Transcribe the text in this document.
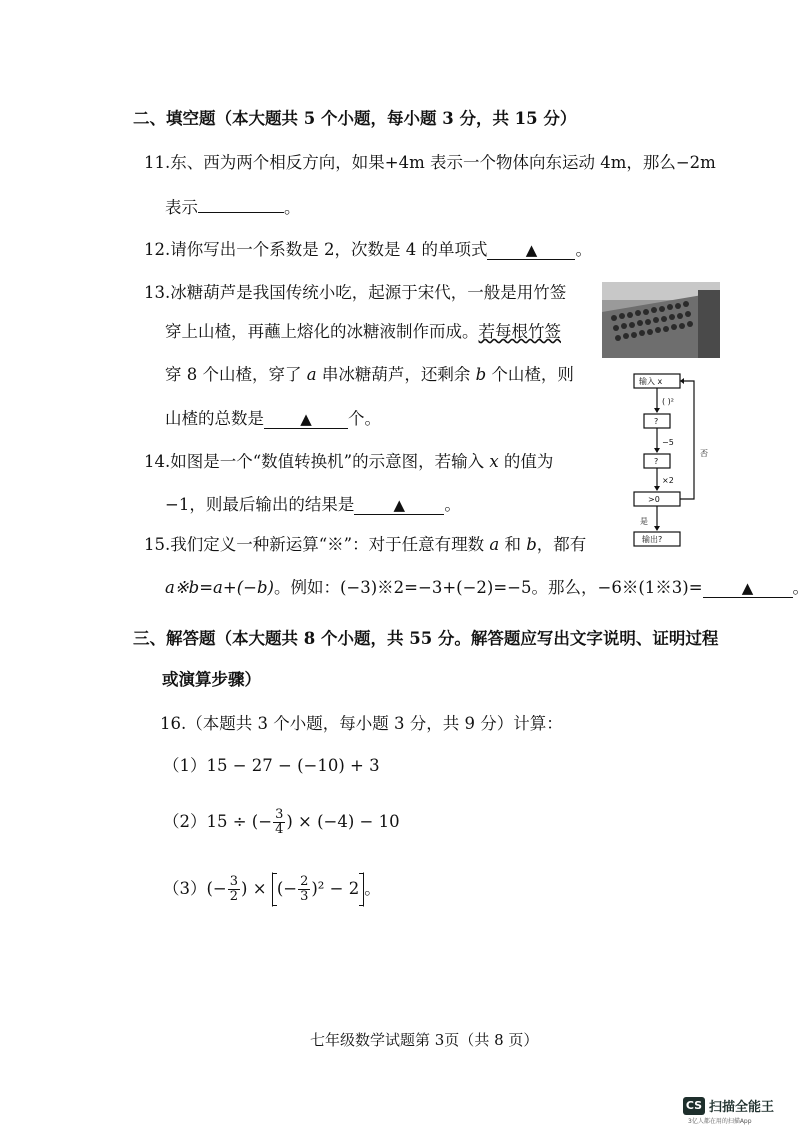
二、填空题（本大题共 5 个小题，每小题 3 分，共 15 分）
11.东、西为两个相反方向，如果+4m 表示一个物体向东运动 4m，那么−2m
表示	。
12.请你写出一个系数是 2，次数是 4 的单项式	▲ 。
13.冰糖葫芦是我国传统小吃，起源于宋代，一般是用竹签
穿上山楂，再蘸上熔化的冰糖液制作而成。若每根竹签
穿 8 个山楂，穿了 a 串冰糖葫芦，还剩余 b 个山楂，则
山楂的总数是 ▲ 个。
14.如图是一个“数值转换机”的示意图，若输入 x 的值为
−1，则最后输出的结果是	▲ 。
15.我们定义一种新运算“※”：对于任意有理数 a 和 b，都有
a※b=a+(−b)。例如：(−3)※2=−3+(−2)=−5。那么，−6※(1※3)=	▲ 。
输入 x
( )²
?
−5
?
×2
>0
否
是
输出?
三、解答题（本大题共 8 个小题，共 55 分。解答题应写出文字说明、证明过程
或演算步骤）
16.（本题共 3 个小题，每小题 3 分，共 9 分）计算：
（1）15 − 27 − (−10) + 3
（2）15 ÷ (− $\frac{3}{4}$ ) × (−4) − 10
$(3)(- \frac{3}{2}$ ) × (− $\frac{2}{3} )^2 - 2$ 。
七年级数学试题第 3页（共 8 页）
CS 扫描全能王
3亿人都在用的扫描App
